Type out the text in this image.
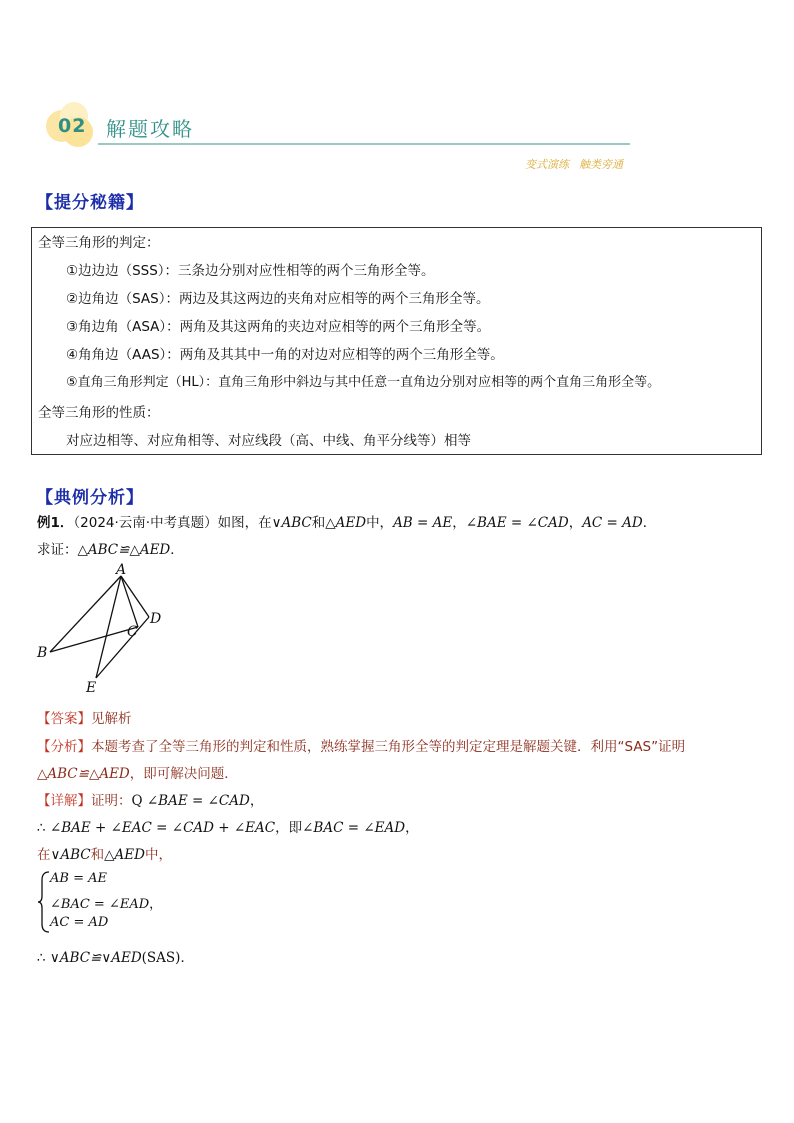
02 解题攻略
变式演练 触类旁通
【提分秘籍】
全等三角形的判定：
①边边边（SSS）：三条边分别对应性相等的两个三角形全等。
②边角边（SAS）：两边及其这两边的夹角对应相等的两个三角形全等。
③角边角（ASA）：两角及其这两角的夹边对应相等的两个三角形全等。
④角角边（AAS）：两角及其其中一角的对边对应相等的两个三角形全等。
⑤直角三角形判定（HL）：直角三角形中斜边与其中任意一直角边分别对应相等的两个直角三角形全等。
全等三角形的性质：
对应边相等、对应角相等、对应线段（高、中线、角平分线等）相等
【典例分析】
例1．（2024·云南·中考真题）如图，在∨ABC和△AED中，AB = AE，∠BAE = ∠CAD，AC = AD．
求证：△ABC≌△AED．
A
B
C
D
E
【答案】见解析
【分析】本题考查了全等三角形的判定和性质，熟练掌握三角形全等的判定定理是解题关键．利用“SAS”证明
△ABC≌△AED，即可解决问题．
【详解】证明：Q ∠BAE = ∠CAD，
∴ ∠BAE + ∠EAC = ∠CAD + ∠EAC，即∠BAC = ∠EAD，
在∨ABC和△AED中，
AB = AE
∠BAC = ∠EAD，
AC = AD
∴ ∨ABC≌∨AED(SAS)．
